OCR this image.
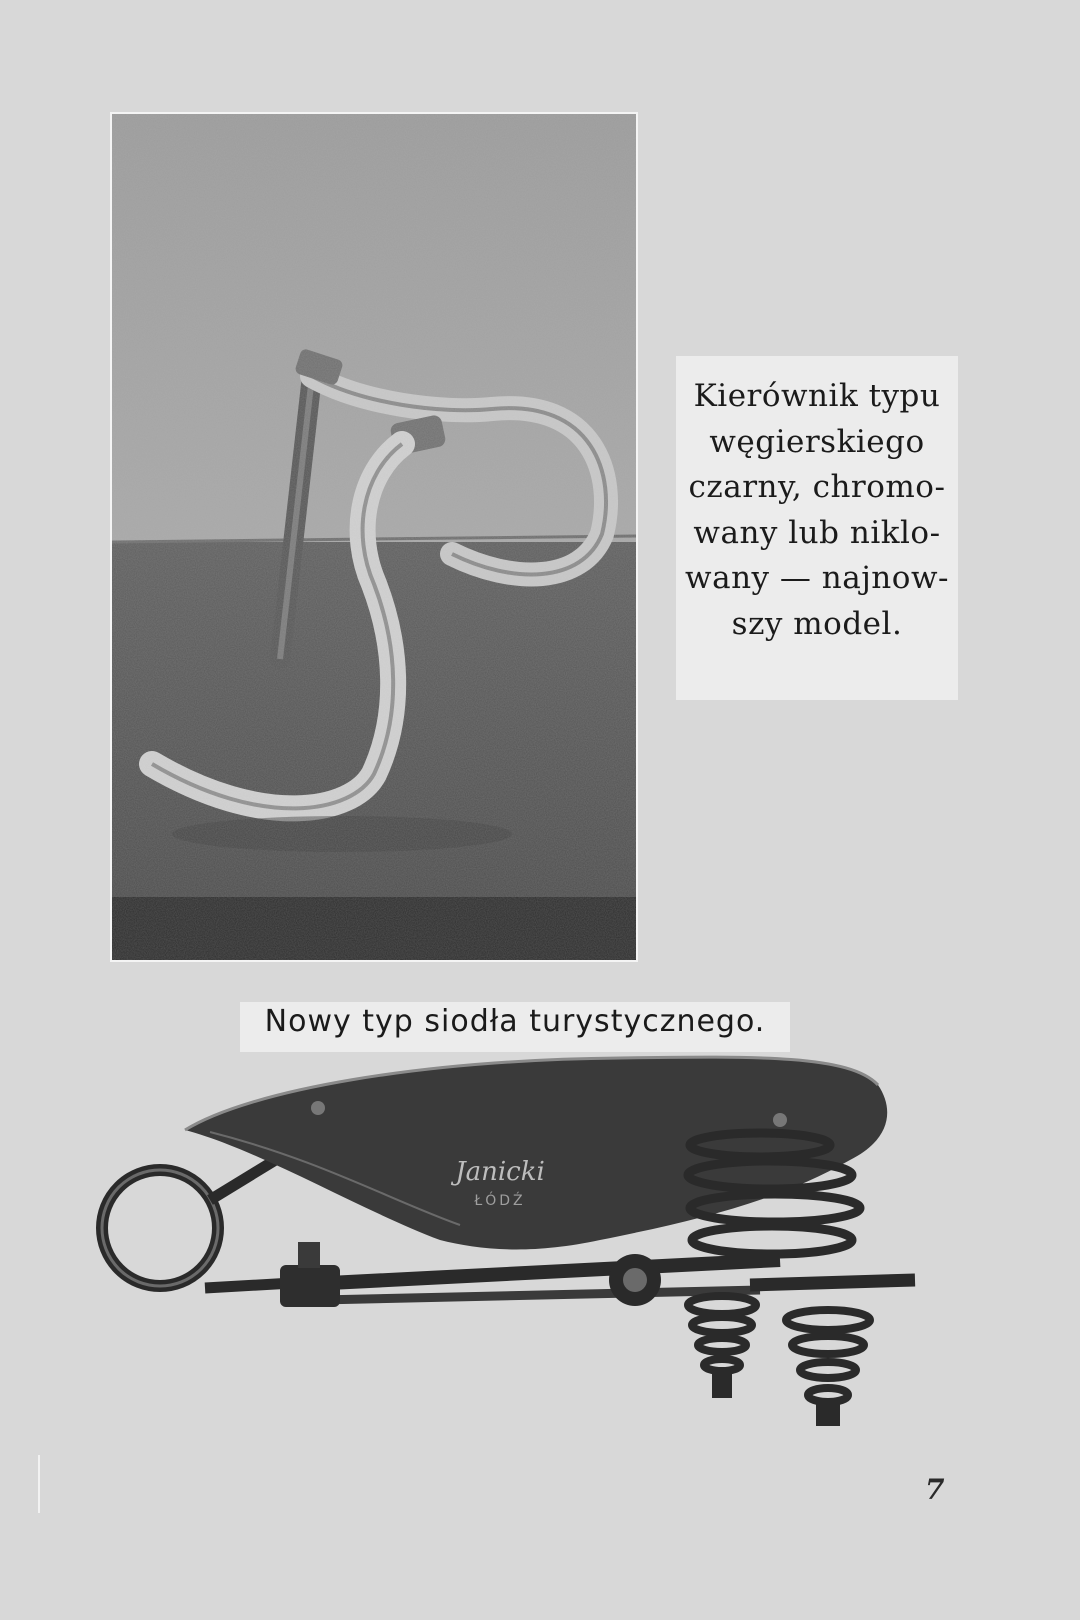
Kierównik typu
węgierskiego
czarny, chromo-
wany lub niklo-
wany — najnow-
szy model.
Nowy typ siodła turystycznego.
Janicki
ŁÓDŹ
7
